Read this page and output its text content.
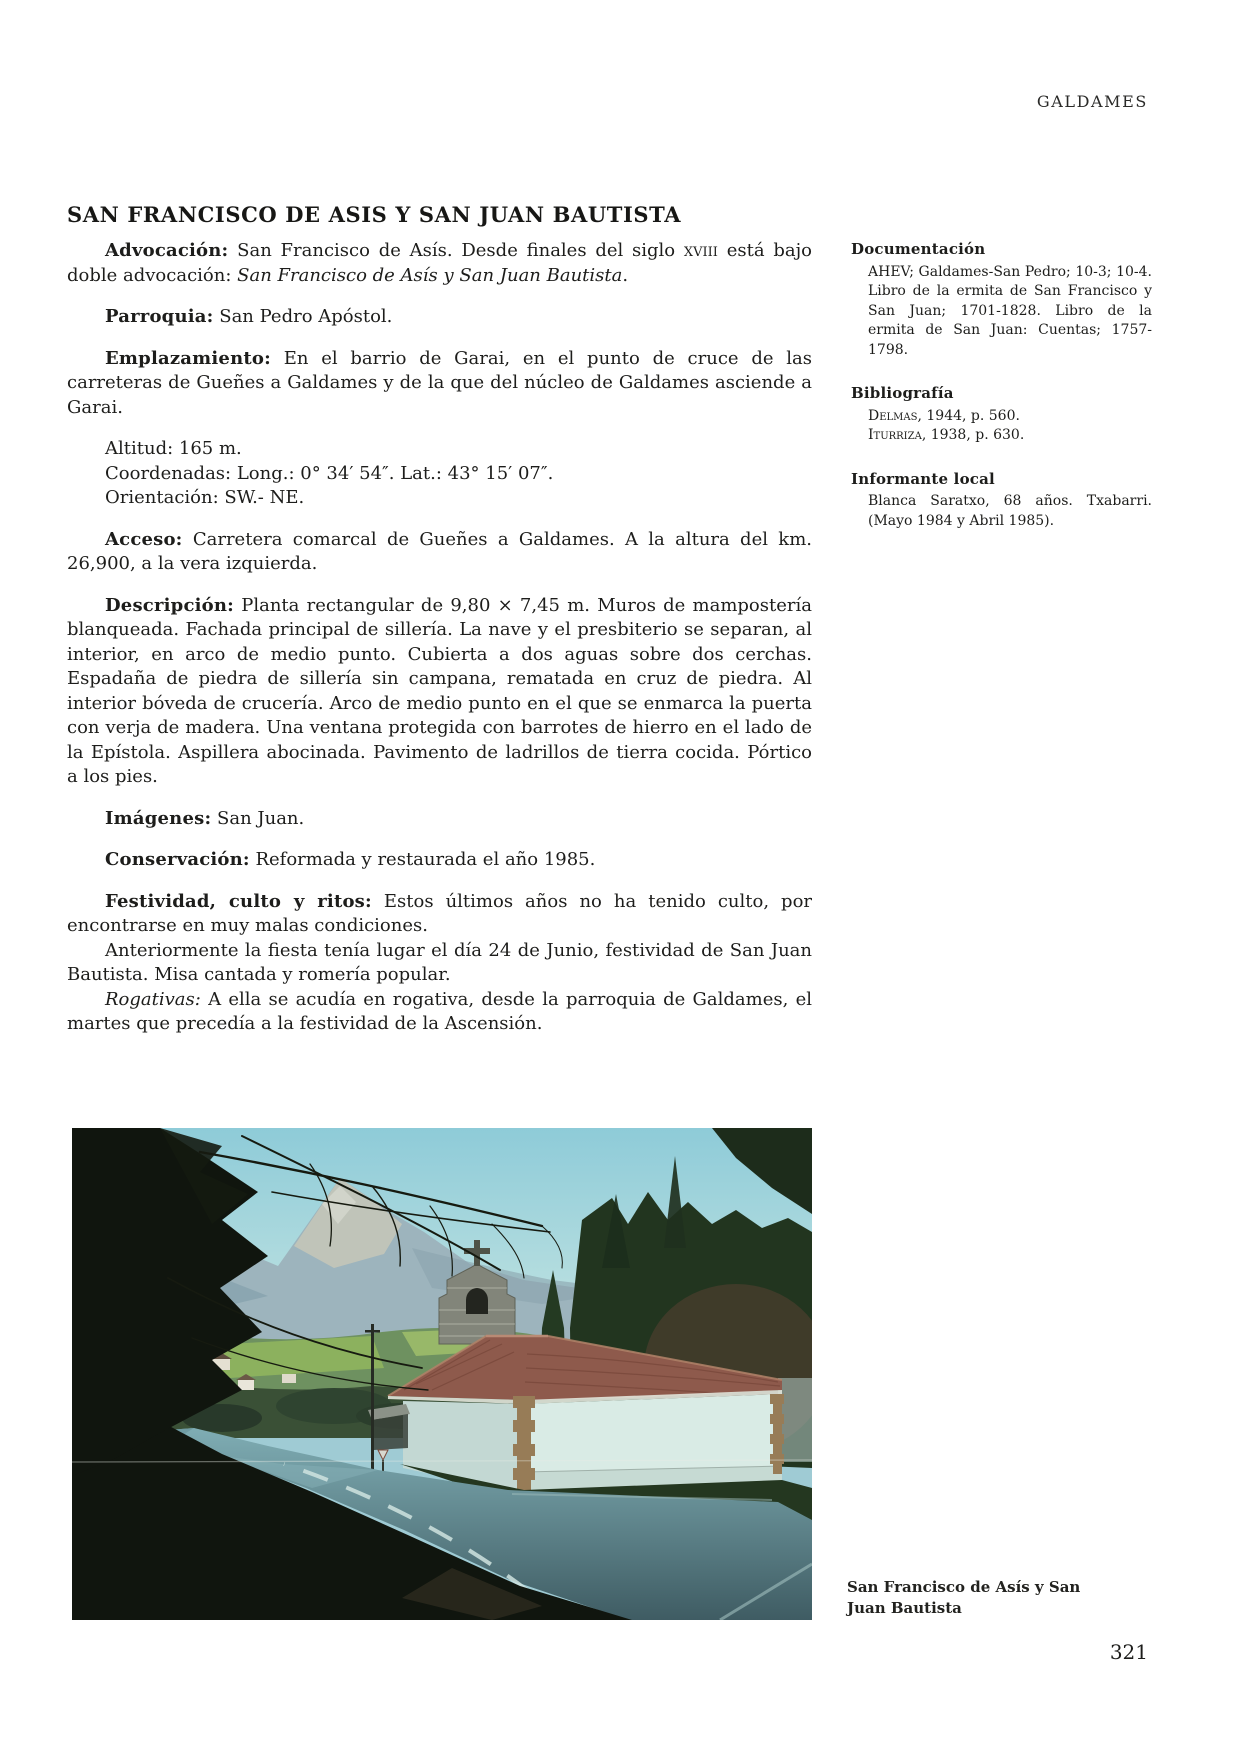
GALDAMES
SAN FRANCISCO DE ASIS Y SAN JUAN BAUTISTA

Advocación: San Francisco de Asís. Desde finales del siglo xviii está bajo doble advocación: San Francisco de Asís y San Juan Bautista.

Parroquia: San Pedro Apóstol.

Emplazamiento: En el barrio de Garai, en el punto de cruce de las carreteras de Gueñes a Galdames y de la que del núcleo de Galdames asciende a Garai.

Altitud: 165 m.
Coordenadas: Long.: 0° 34′ 54″. Lat.: 43° 15′ 07″.
Orientación: SW.- NE.

Acceso: Carretera comarcal de Gueñes a Galdames. A la altura del km. 26,900, a la vera izquierda.

Descripción: Planta rectangular de 9,80 × 7,45 m. Muros de mampostería blanqueada. Fachada principal de sillería. La nave y el presbiterio se separan, al interior, en arco de medio punto. Cubierta a dos aguas sobre dos cerchas. Espadaña de piedra de sillería sin campana, rematada en cruz de piedra. Al interior bóveda de crucería. Arco de medio punto en el que se enmarca la puerta con verja de madera. Una ventana protegida con barrotes de hierro en el lado de la Epístola. Aspillera abocinada. Pavimento de ladrillos de tierra cocida. Pórtico a los pies.

Imágenes: San Juan.

Conservación: Reformada y restaurada el año 1985.

Festividad, culto y ritos: Estos últimos años no ha tenido culto, por encontrarse en muy malas condiciones.

Anteriormente la fiesta tenía lugar el día 24 de Junio, festividad de San Juan Bautista. Misa cantada y romería popular.

Rogativas: A ella se acudía en rogativa, desde la parroquia de Galdames, el martes que precedía a la festividad de la Ascensión.

Documentación
AHEV; Galdames-San Pedro; 10-3; 10-4. Libro de la ermita de San Francisco y San Juan; 1701-1828. Libro de la ermita de San Juan: Cuentas; 1757-1798.
Bibliografía
Delmas, 1944, p. 560.
Iturriza, 1938, p. 630.
Informante local
Blanca Saratxo, 68 años. Txabarri. (Mayo 1984 y Abril 1985).
San Francisco de Asís y San Juan Bautista
321
